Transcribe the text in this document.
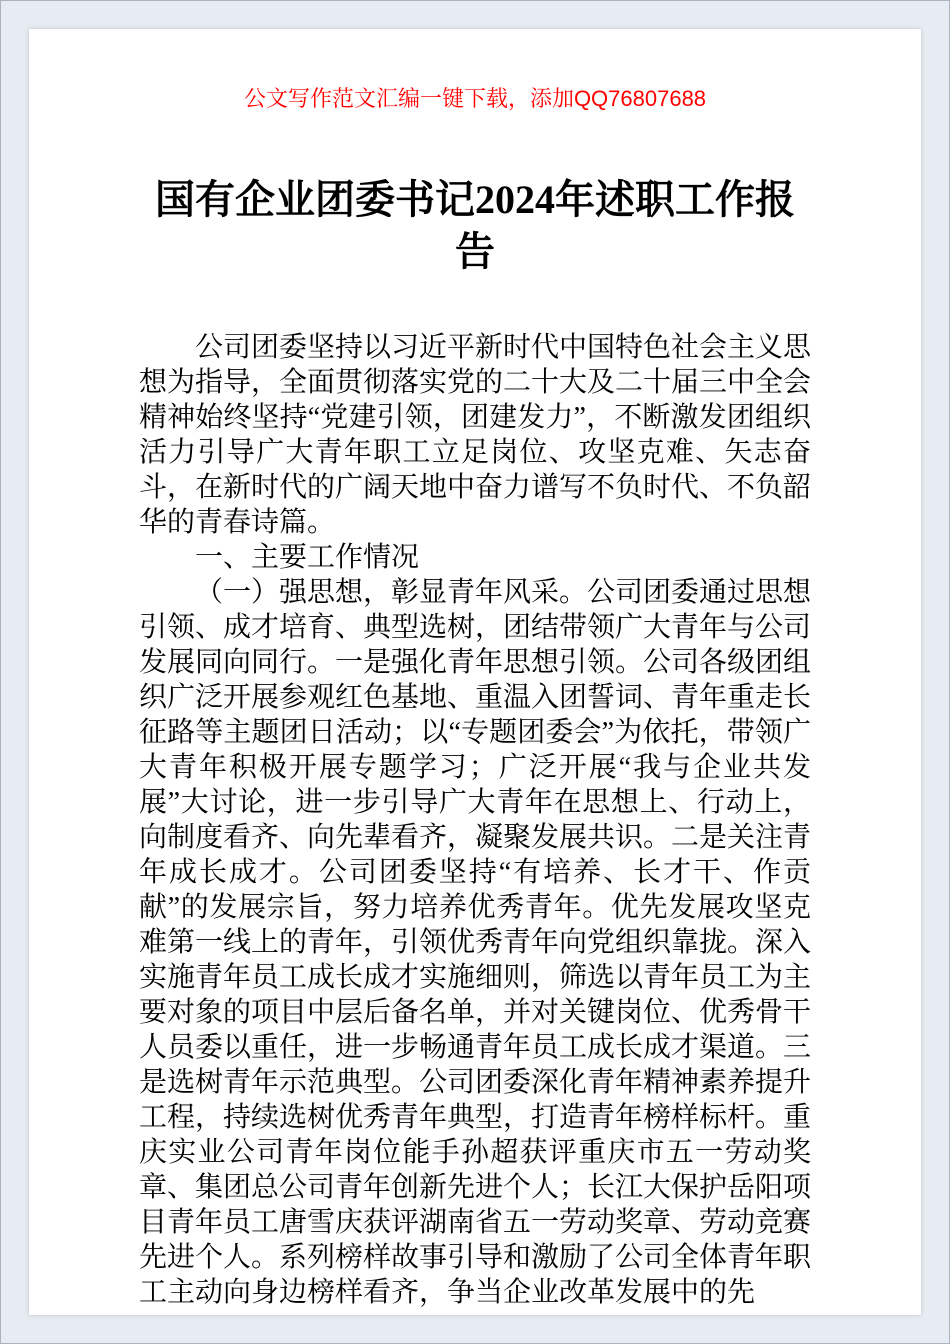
公文写作范文汇编一键下载，添加QQ76807688
国有企业团委书记2024年述职工作报告

公司团委坚持以习近平新时代中国特色社会主义思想为指导，全面贯彻落实党的二十大及二十届三中全会精神始终坚持“党建引领，团建发力”，不断激发团组织活力引导广大青年职工立足岗位、攻坚克难、矢志奋斗，在新时代的广阔天地中奋力谱写不负时代、不负韶华的青春诗篇。

一、主要工作情况

（一）强思想，彰显青年风采。公司团委通过思想引领、成才培育、典型选树，团结带领广大青年与公司发展同向同行。一是强化青年思想引领。公司各级团组织广泛开展参观红色基地、重温入团誓词、青年重走长征路等主题团日活动；以“专题团委会”为依托，带领广大青年积极开展专题学习；广泛开展“我与企业共发展”大讨论，进一步引导广大青年在思想上、行动上，向制度看齐、向先辈看齐，凝聚发展共识。二是关注青年成长成才。公司团委坚持“有培养、长才干、作贡献”的发展宗旨，努力培养优秀青年。优先发展攻坚克难第一线上的青年，引领优秀青年向党组织靠拢。深入实施青年员工成长成才实施细则，筛选以青年员工为主要对象的项目中层后备名单，并对关键岗位、优秀骨干人员委以重任，进一步畅通青年员工成长成才渠道。三是选树青年示范典型。公司团委深化青年精神素养提升工程，持续选树优秀青年典型，打造青年榜样标杆。重庆实业公司青年岗位能手孙超获评重庆市五一劳动奖章、集团总公司青年创新先进个人；长江大保护岳阳项目青年员工唐雪庆获评湖南省五一劳动奖章、劳动竞赛先进个人。系列榜样故事引导和激励了公司全体青年职工主动向身边榜样看齐，争当企业改革发展中的先
